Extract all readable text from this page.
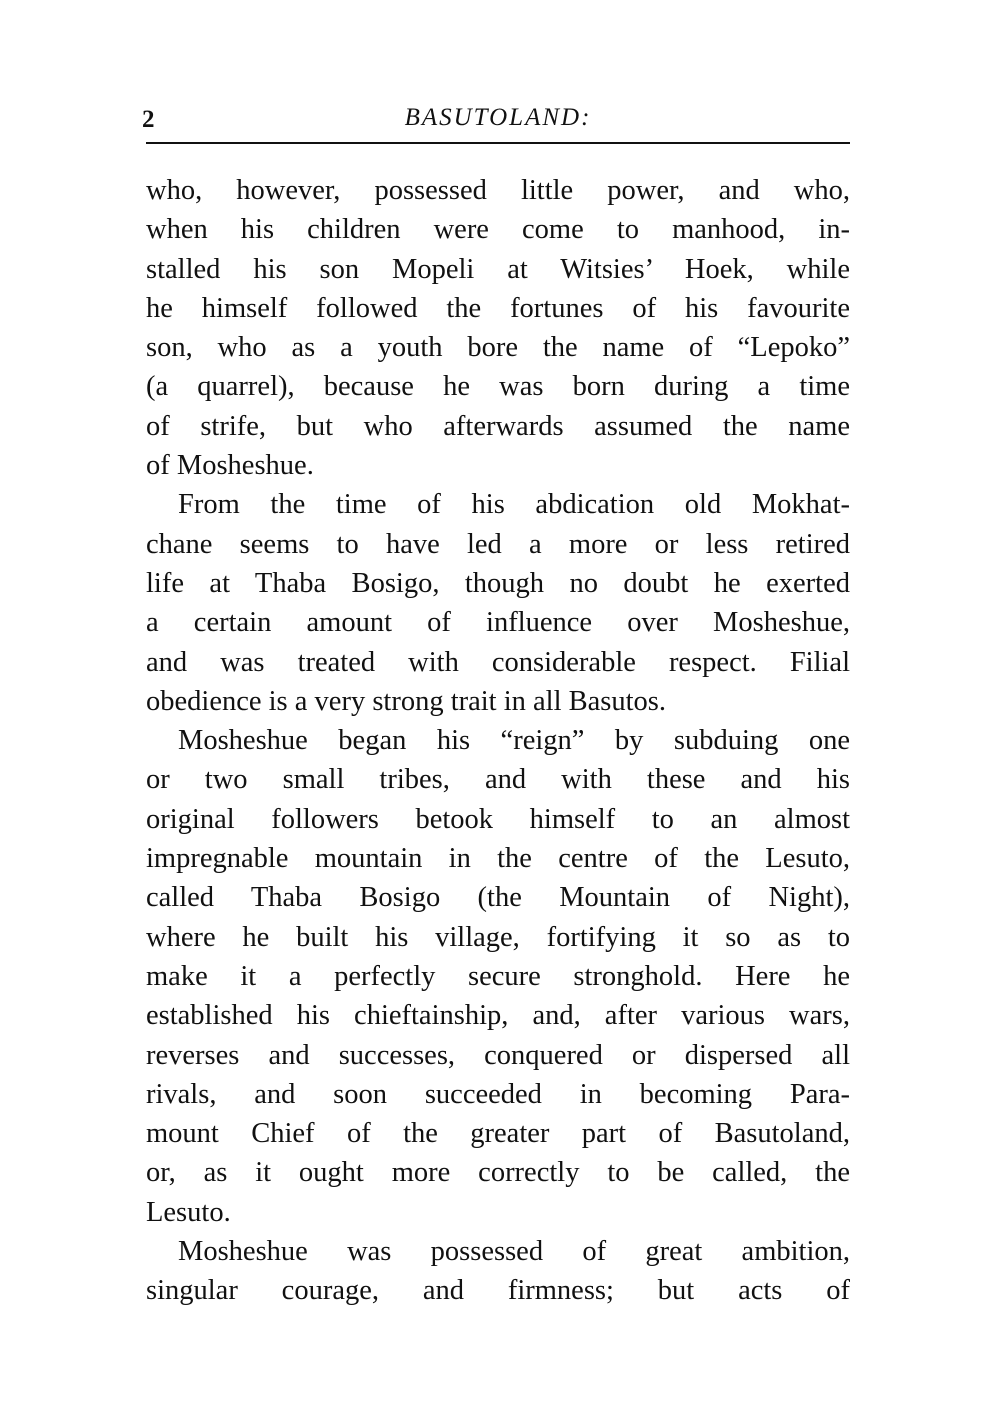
2	BASUTOLAND:
who, however, possessed little power, and who,
when his children were come to manhood, in-
stalled his son Mopeli at Witsies’ Hoek, while
he himself followed the fortunes of his favourite
son, who as a youth bore the name of “Lepoko”
(a quarrel), because he was born during a time
of strife, but who afterwards assumed the name
of Mosheshue.
From the time of his abdication old Mokhat-
chane seems to have led a more or less retired
life at Thaba Bosigo, though no doubt he exerted
a certain amount of influence over Mosheshue,
and was treated with considerable respect. Filial
obedience is a very strong trait in all Basutos.
Mosheshue began his “reign” by subduing one
or two small tribes, and with these and his
original followers betook himself to an almost
impregnable mountain in the centre of the Lesuto,
called Thaba Bosigo (the Mountain of Night),
where he built his village, fortifying it so as to
make it a perfectly secure stronghold. Here he
established his chieftainship, and, after various wars,
reverses and successes, conquered or dispersed all
rivals, and soon succeeded in becoming Para-
mount Chief of the greater part of Basutoland,
or, as it ought more correctly to be called, the
Lesuto.
Mosheshue was possessed of great ambition,
singular courage, and firmness; but acts of
